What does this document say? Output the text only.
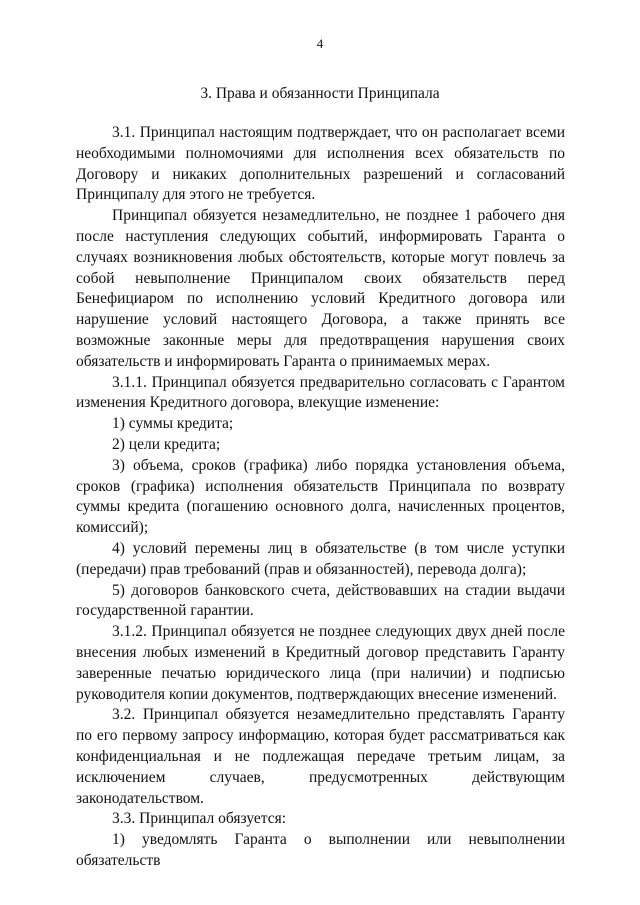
4
3. Права и обязанности Принципала

3.1. Принципал настоящим подтверждает, что он располагает всеми необходимыми полномочиями для исполнения всех обязательств по Договору и никаких дополнительных разрешений и согласований Принципалу для этого не требуется.

Принципал обязуется незамедлительно, не позднее 1 рабочего дня после наступления следующих событий, информировать Гаранта о случаях возникновения любых обстоятельств, которые могут повлечь за собой невыполнение Принципалом своих обязательств перед Бенефициаром по исполнению условий Кредитного договора или нарушение условий настоящего Договора, а также принять все возможные законные меры для предотвращения нарушения своих обязательств и информировать Гаранта о принимаемых мерах.

3.1.1. Принципал обязуется предварительно согласовать с Гарантом изменения Кредитного договора, влекущие изменение:

1) суммы кредита;

2) цели кредита;

3) объема, сроков (графика) либо порядка установления объема, сроков (графика) исполнения обязательств Принципала по возврату суммы кредита (погашению основного долга, начисленных процентов, комиссий);

4) условий перемены лиц в обязательстве (в том числе уступки (передачи) прав требований (прав и обязанностей), перевода долга);

5) договоров банковского счета, действовавших на стадии выдачи государственной гарантии.

3.1.2. Принципал обязуется не позднее следующих двух дней после внесения любых изменений в Кредитный договор представить Гаранту заверенные печатью юридического лица (при наличии) и подписью руководителя копии документов, подтверждающих внесение изменений.

3.2. Принципал обязуется незамедлительно представлять Гаранту по его первому запросу информацию, которая будет рассматриваться как конфиденциальная и не подлежащая передаче третьим лицам, за исключением случаев, предусмотренных действующим законодательством.

3.3. Принципал обязуется:

1) уведомлять Гаранта о выполнении или невыполнении обязательств
